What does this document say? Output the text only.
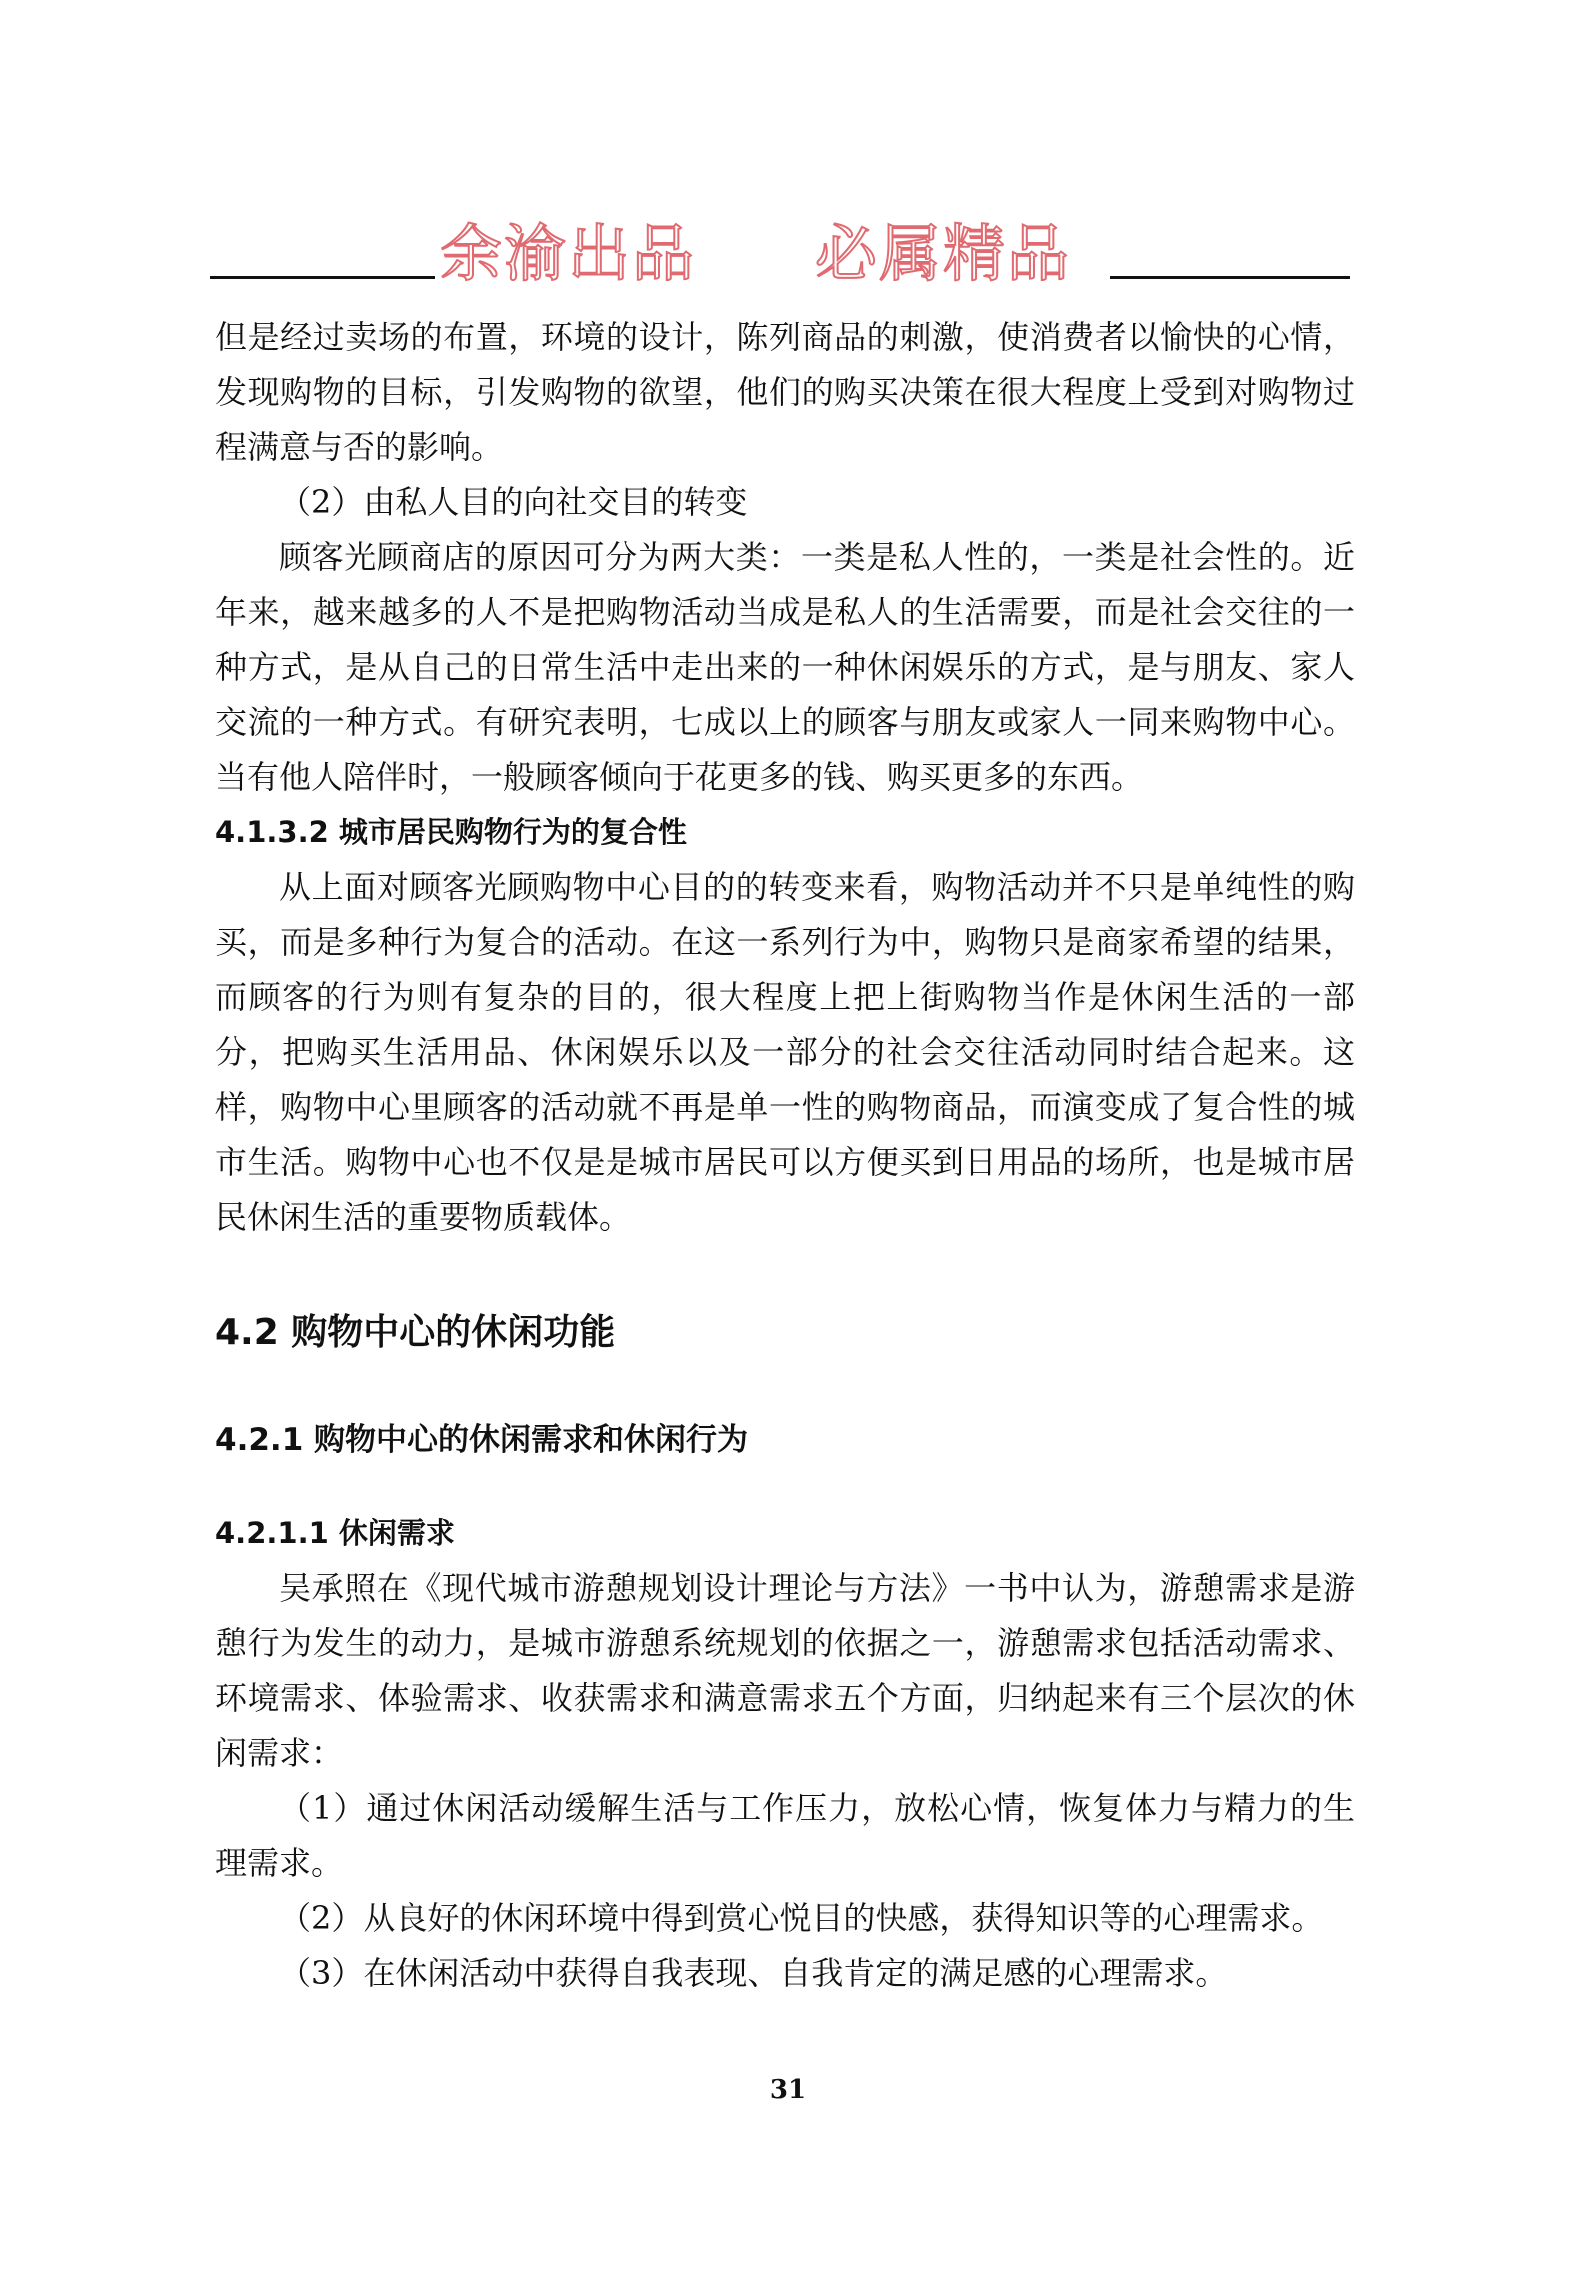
余渝出品 必属精品

但是经过卖场的布置，环境的设计，陈列商品的刺激，使消费者以愉快的心情，发现购物的目标，引发购物的欲望，他们的购买决策在很大程度上受到对购物过程满意与否的影响。

（2）由私人目的向社交目的转变

顾客光顾商店的原因可分为两大类：一类是私人性的，一类是社会性的。近年来，越来越多的人不是把购物活动当成是私人的生活需要，而是社会交往的一种方式，是从自己的日常生活中走出来的一种休闲娱乐的方式，是与朋友、家人交流的一种方式。有研究表明，七成以上的顾客与朋友或家人一同来购物中心。当有他人陪伴时，一般顾客倾向于花更多的钱、购买更多的东西。

4.1.3.2 城市居民购物行为的复合性

从上面对顾客光顾购物中心目的的转变来看，购物活动并不只是单纯性的购买，而是多种行为复合的活动。在这一系列行为中，购物只是商家希望的结果，而顾客的行为则有复杂的目的，很大程度上把上街购物当作是休闲生活的一部分，把购买生活用品、休闲娱乐以及一部分的社会交往活动同时结合起来。这样，购物中心里顾客的活动就不再是单一性的购物商品，而演变成了复合性的城市生活。购物中心也不仅是是城市居民可以方便买到日用品的场所，也是城市居民休闲生活的重要物质载体。

4.2 购物中心的休闲功能

4.2.1 购物中心的休闲需求和休闲行为

4.2.1.1 休闲需求

吴承照在《现代城市游憩规划设计理论与方法》一书中认为，游憩需求是游憩行为发生的动力，是城市游憩系统规划的依据之一，游憩需求包括活动需求、环境需求、体验需求、收获需求和满意需求五个方面，归纳起来有三个层次的休闲需求：

（1）通过休闲活动缓解生活与工作压力，放松心情，恢复体力与精力的生理需求。

（2）从良好的休闲环境中得到赏心悦目的快感，获得知识等的心理需求。

（3）在休闲活动中获得自我表现、自我肯定的满足感的心理需求。

31
